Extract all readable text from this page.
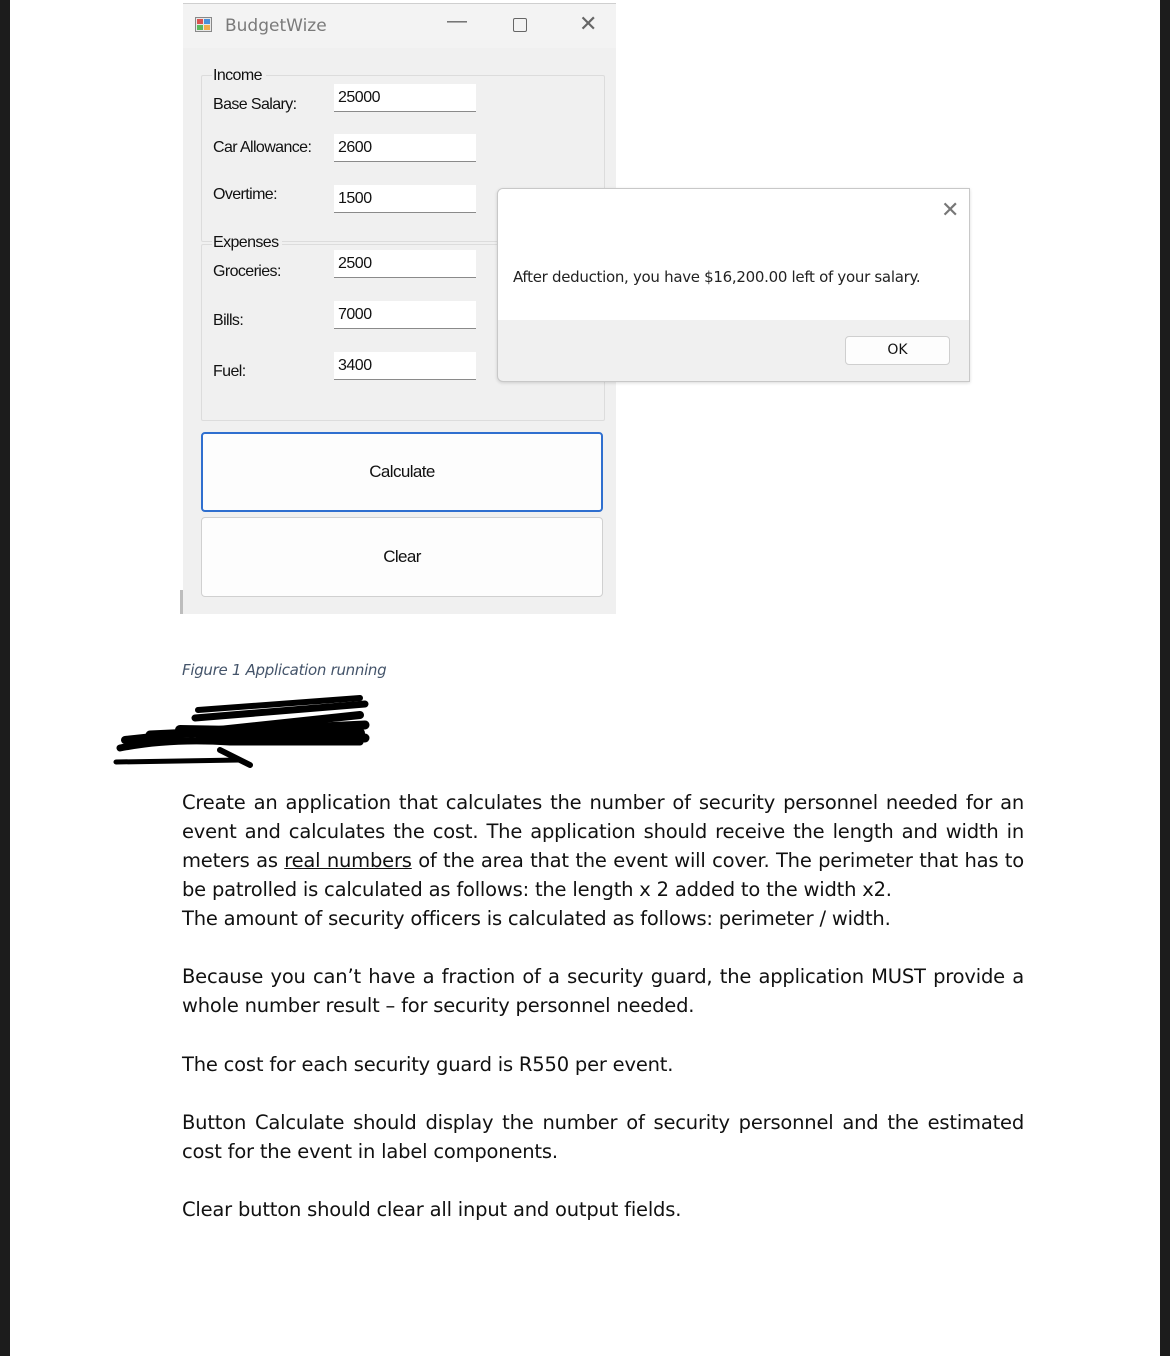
BudgetWize	—	✕
Income
Base Salary:	25000
Car Allowance: 2600
Overtime:	1500
Expenses
Groceries:	2500
Bills:	7000
Fuel:	3400
Calculate
Clear
✕
After deduction, you have $16,200.00 left of your salary.
OK
Figure 1 Application running

Create an application that calculates the number of security personnel needed for an event and calculates the cost. The application should receive the length and width in meters as real numbers of the area that the event will cover. The perimeter that has to be patrolled is calculated as follows: the length x 2 added to the width x2.
The amount of security officers is calculated as follows: perimeter / width.

Because you can’t have a fraction of a security guard, the application MUST provide a whole number result – for security personnel needed.

The cost for each security guard is R550 per event.

Button Calculate should display the number of security personnel and the estimated cost for the event in label components.

Clear button should clear all input and output fields.
